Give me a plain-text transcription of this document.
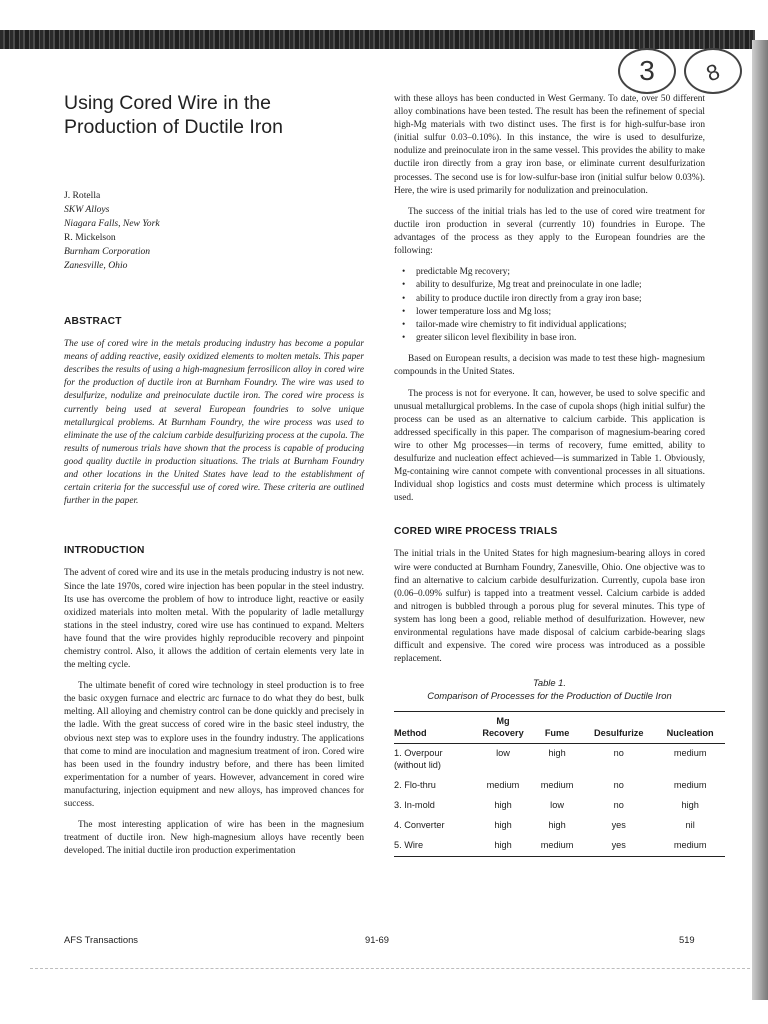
3	8
Using Cored Wire in the Production of Ductile Iron
J. Rotella
SKW Alloys
Niagara Falls, New York
R. Mickelson
Burnham Corporation
Zanesville, Ohio
ABSTRACT

The use of cored wire in the metals producing industry has become a popular means of adding reactive, easily oxidized elements to molten metals. This paper describes the results of using a high-magnesium ferrosilicon alloy in cored wire for the production of ductile iron at Burnham Foundry. The wire was used to desulfurize, nodulize and preinoculate ductile iron. The cored wire process is currently being used at several European foundries to solve unique metallurgical problems. At Burnham Foundry, the wire process was used to eliminate the use of the calcium carbide desulfurizing process at the cupola. The results of numerous trials have shown that the process is capable of producing good quality ductile in production situations. The trials at Burnham Foundry and other locations in the United States have lead to the establishment of certain criteria for the successful use of cored wire. These criteria are outlined further in the paper.

INTRODUCTION

The advent of cored wire and its use in the metals producing industry is not new. Since the late 1970s, cored wire injection has been popular in the steel industry. Its use has overcome the problem of how to introduce light, reactive or easily oxidized materials into molten metal. With the popularity of ladle metallurgy stations in the steel industry, cored wire use has continued to expand. Melters have found that the wire provides highly reproducible recovery and pinpoint chemistry control. Also, it allows the addition of certain elements very late in the melting cycle.

The ultimate benefit of cored wire technology in steel production is to free the basic oxygen furnace and electric arc furnace to do what they do best, bulk melting. All alloying and chemistry control can be done quickly and precisely in the ladle. With the great success of cored wire in the basic steel industry, the obvious next step was to explore uses in the foundry industry. The applications that come to mind are inoculation and magnesium treatment of iron. Cored wire has been used in the foundry industry before, and there has been limited experimentation for a number of years. However, advancement in cored wire manufacturing, injection equipment and new alloys, has improved chances for success.

The most interesting application of wire has been in the magnesium treatment of ductile iron. New high-magnesium alloys have recently been developed. The initial ductile iron production experimentation

with these alloys has been conducted in West Germany. To date, over 50 different alloy combinations have been tested. The result has been the refinement of special high-Mg materials with two distinct uses. The first is for high-sulfur-base iron (initial sulfur 0.03–0.10%). In this instance, the wire is used to desulfurize, nodulize and preinoculate iron in the same vessel. This provides the ability to make ductile iron directly from a gray iron base, or eliminate current desulfurization processes. The second use is for low-sulfur-base iron (initial sulfur below 0.03%). Here, the wire is used primarily for nodulization and preinoculation.

The success of the initial trials has led to the use of cored wire treatment for ductile iron production in several (currently 10) foundries in Europe. The advantages of the process as they apply to the European foundries are the following:

• predictable Mg recovery;
• ability to desulfurize, Mg treat and preinoculate in one ladle;
• ability to produce ductile iron directly from a gray iron base;
• lower temperature loss and Mg loss;
• tailor-made wire chemistry to fit individual applications;
• greater silicon level flexibility in base iron.

Based on European results, a decision was made to test these high- magnesium compounds in the United States.

The process is not for everyone. It can, however, be used to solve specific and unusual metallurgical problems. In the case of cupola shops (high initial sulfur) the process can be used as an alternative to calcium carbide. This application is addressed specifically in this paper. The comparison of magnesium-bearing cored wire to other Mg processes—in terms of recovery, fume emitted, ability to desulfurize and nucleation effect achieved—is summarized in Table 1. Obviously, Mg-containing wire cannot compete with conventional processes in all situations. Individual shop logistics and costs must determine which process is ultimately used.

CORED WIRE PROCESS TRIALS

The initial trials in the United States for high magnesium-bearing alloys in cored wire were conducted at Burnham Foundry, Zanesville, Ohio. One objective was to find an alternative to calcium carbide desulfurization. Currently, cupola base iron (0.06–0.09% sulfur) is tapped into a treatment vessel. Calcium carbide is added and nitrogen is bubbled through a porous plug for several minutes. This type of system has long been a good, reliable method of desulfurization. However, new environmental regulations have made disposal of calcium carbide-bearing slags difficult and expensive. The cored wire process was introduced as a possible replacement.

Table 1.
Comparison of Processes for the Production of Ductile Iron
Method	Mg Recovery	Fume	Desulfurize	Nucleation
1. Overpour (without lid)	low	high	no	medium
2. Flo-thru	medium	medium	no	medium
3. In-mold	high	low	no	high
4. Converter	high	high	yes	nil
5. Wire	high	medium	yes	medium
AFS Transactions	91-69	519
